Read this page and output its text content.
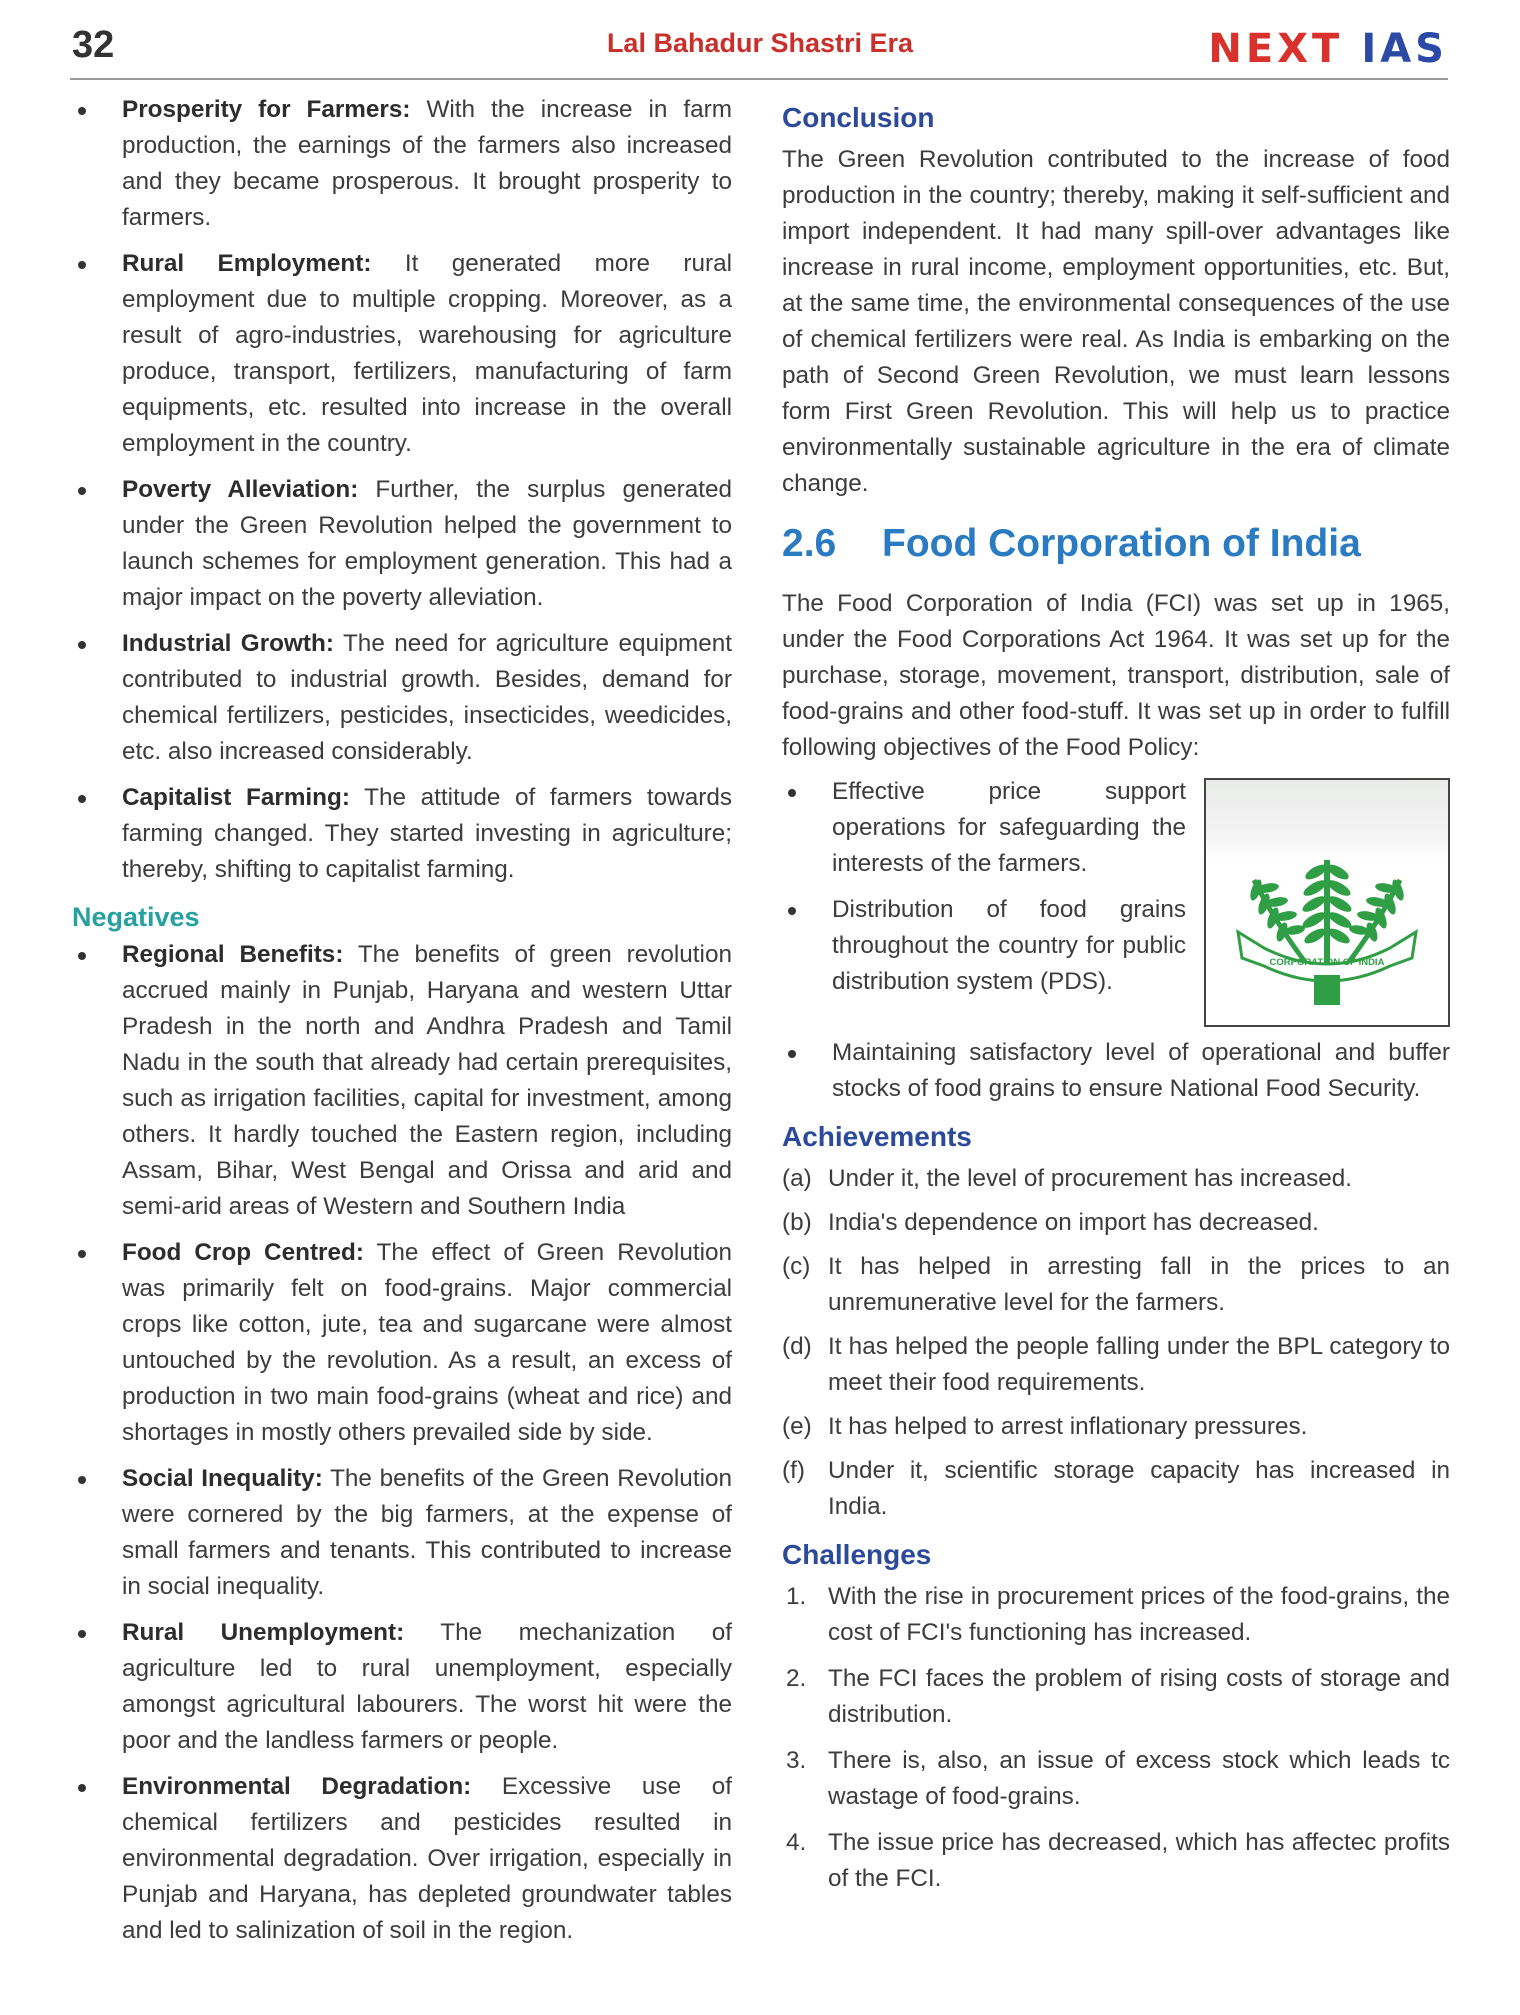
32	Lal Bahadur Shastri Era	NEXT IAS
Prosperity for Farmers: With the increase in farm production, the earnings of the farmers also increased and they became prosperous. It brought prosperity to farmers.
Rural Employment: It generated more rural employment due to multiple cropping. Moreover, as a result of agro-industries, warehousing for agriculture produce, transport, fertilizers, manufacturing of farm equipments, etc. resulted into increase in the overall employment in the country.
Poverty Alleviation: Further, the surplus generated under the Green Revolution helped the government to launch schemes for employment generation. This had a major impact on the poverty alleviation.
Industrial Growth: The need for agriculture equipment contributed to industrial growth. Besides, demand for chemical fertilizers, pesticides, insecticides, weedicides, etc. also increased considerably.
Capitalist Farming: The attitude of farmers towards farming changed. They started investing in agriculture; thereby, shifting to capitalist farming.
Negatives
Regional Benefits: The benefits of green revolution accrued mainly in Punjab, Haryana and western Uttar Pradesh in the north and Andhra Pradesh and Tamil Nadu in the south that already had certain prerequisites, such as irrigation facilities, capital for investment, among others. It hardly touched the Eastern region, including Assam, Bihar, West Bengal and Orissa and arid and semi-arid areas of Western and Southern India
Food Crop Centred: The effect of Green Revolution was primarily felt on food-grains. Major commercial crops like cotton, jute, tea and sugarcane were almost untouched by the revolution. As a result, an excess of production in two main food-grains (wheat and rice) and shortages in mostly others prevailed side by side.
Social Inequality: The benefits of the Green Revolution were cornered by the big farmers, at the expense of small farmers and tenants. This contributed to increase in social inequality.
Rural Unemployment: The mechanization of agriculture led to rural unemployment, especially amongst agricultural labourers. The worst hit were the poor and the landless farmers or people.
Environmental Degradation: Excessive use of chemical fertilizers and pesticides resulted in environmental degradation. Over irrigation, especially in Punjab and Haryana, has depleted groundwater tables and led to salinization of soil in the region.
Conclusion

The Green Revolution contributed to the increase of food production in the country; thereby, making it self-sufficient and import independent. It had many spill-over advantages like increase in rural income, employment opportunities, etc. But, at the same time, the environmental consequences of the use of chemical fertilizers were real. As India is embarking on the path of Second Green Revolution, we must learn lessons form First Green Revolution. This will help us to practice environmentally sustainable agriculture in the era of climate change.

2.6	Food Corporation of India

The Food Corporation of India (FCI) was set up in 1965, under the Food Corporations Act 1964. It was set up for the purchase, storage, movement, transport, distribution, sale of food-grains and other food-stuff. It was set up in order to fulfill following objectives of the Food Policy:

CORPORATION OF INDIA
Effective price support operations for safeguarding the interests of the farmers.
Distribution of food grains throughout the country for public distribution system (PDS).
Maintaining satisfactory level of operational and buffer stocks of food grains to ensure National Food Security.
Achievements
(a) Under it, the level of procurement has increased.
(b) India's dependence on import has decreased.
(c) It has helped in arresting fall in the prices to an unremunerative level for the farmers.
(d) It has helped the people falling under the BPL category to meet their food requirements.
(e) It has helped to arrest inflationary pressures.
(f) Under it, scientific storage capacity has increased in India.
Challenges
1. With the rise in procurement prices of the food-grains, the cost of FCI's functioning has increased.
2. The FCI faces the problem of rising costs of storage and distribution.
3. There is, also, an issue of excess stock which leads tc wastage of food-grains.
4. The issue price has decreased, which has affectec profits of the FCI.
